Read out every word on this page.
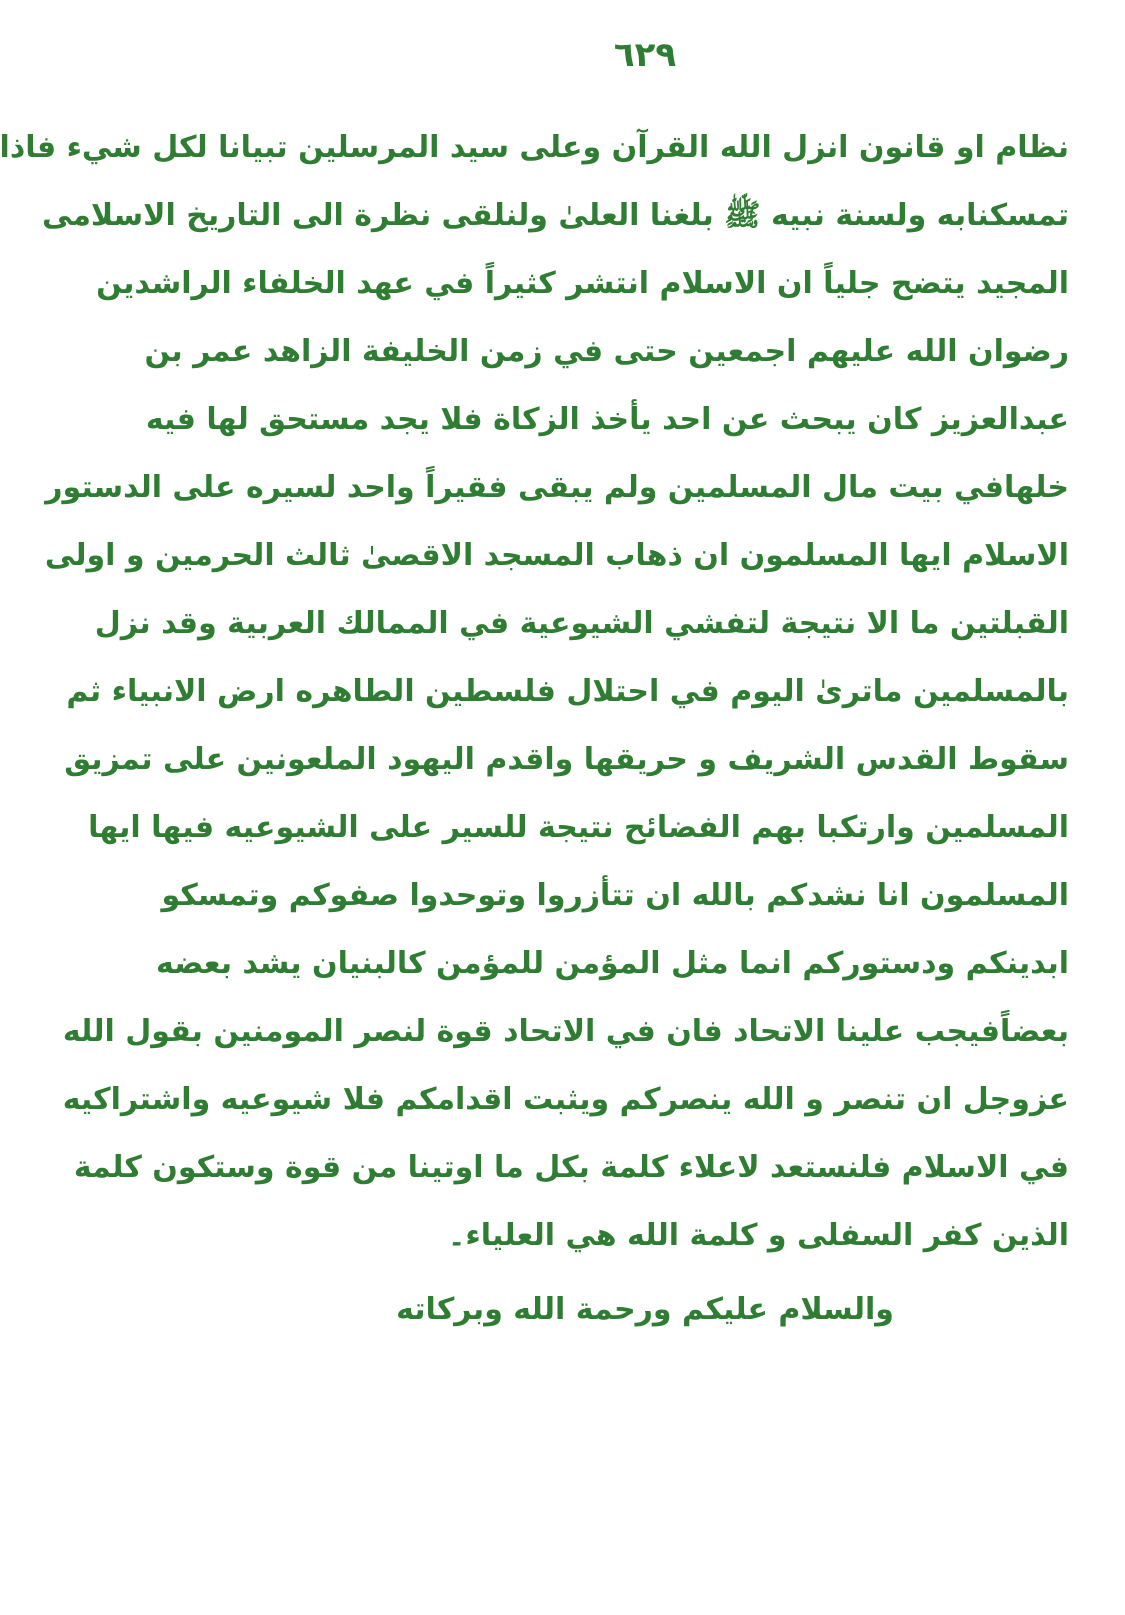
٦٢٩
نظام او قانون انزل الله القرآن وعلى سيد المرسلين تبيانا لكل شيء فاذا
تمسكنابه ولسنة نبيه ﷺ بلغنا العلیٰ ولنلقى نظرة الى التاريخ الاسلامی
المجيد يتضح جلياً ان الاسلام انتشر كثيراً في عهد الخلفاء الراشدين
رضوان الله عليهم اجمعين حتى في زمن الخليفة الزاهد عمر بن
عبدالعزيز كان يبحث عن احد يأخذ الزكاة فلا يجد مستحق لها فيه
خلهافي بيت مال المسلمين ولم يبقى فقيراً واحد لسيره على الدستور
الاسلام ايها المسلمون ان ذهاب المسجد الاقصیٰ ثالث الحرمين و اولى
القبلتين ما الا نتيجة لتفشي الشيوعية في الممالك العربية وقد نزل
بالمسلمين ماترىٰ اليوم في احتلال فلسطين الطاهره ارض الانبياء ثم
سقوط القدس الشريف و حريقها واقدم اليهود الملعونين على تمزيق
المسلمين وارتكبا بهم الفضائح نتيجة للسير على الشيوعيه فيها ايها
المسلمون انا نشدكم بالله ان تتأزروا وتوحدوا صفوكم وتمسكو
ابدينكم ودستوركم انما مثل المؤمن للمؤمن كالبنيان يشد بعضه
بعضاًفيجب علينا الاتحاد فان في الاتحاد قوة لنصر المومنين بقول الله
عزوجل ان تنصر و الله ينصركم ويثبت اقدامكم فلا شيوعيه واشتراكيه
في الاسلام فلنستعد لاعلاء كلمة بكل ما اوتينا من قوة وستكون كلمة
الذين كفر السفلى و كلمة الله هي العلياء۔
والسلام عليكم ورحمة الله وبركاته
